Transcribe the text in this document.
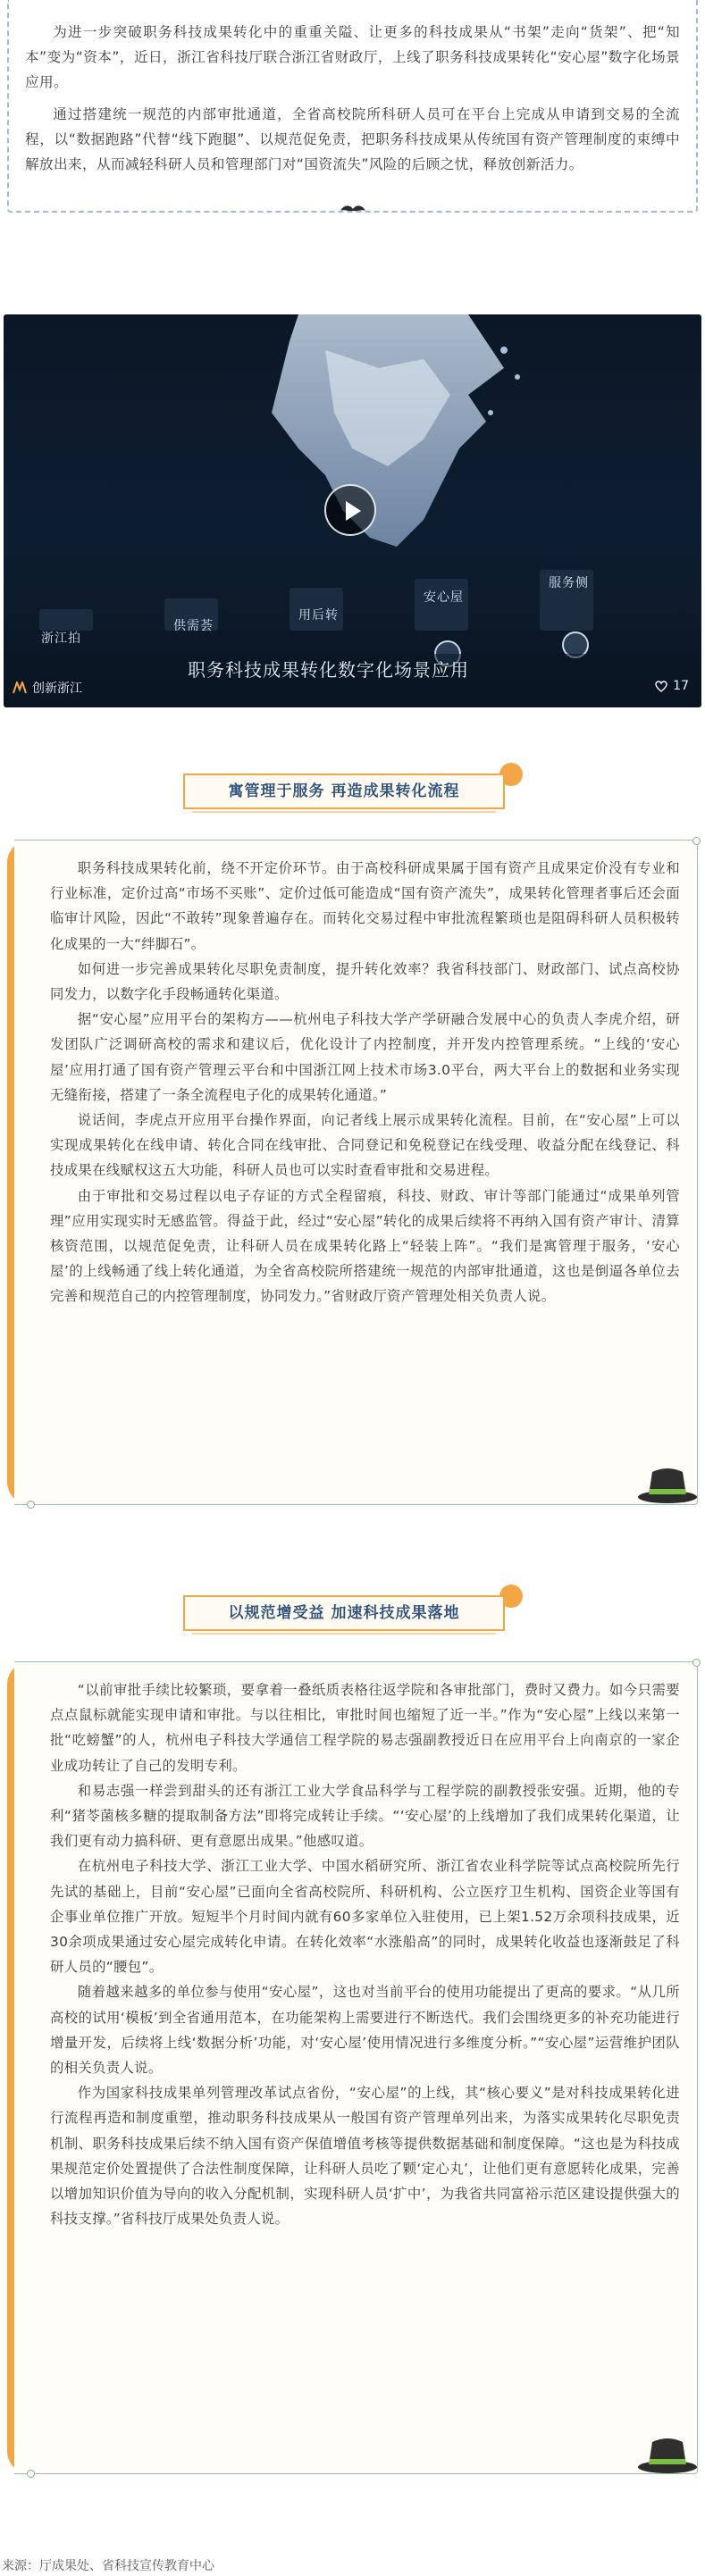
为进一步突破职务科技成果转化中的重重关隘、让更多的科技成果从“书架”走向“货架”、把“知本”变为“资本”，近日，浙江省科技厅联合浙江省财政厅，上线了职务科技成果转化“安心屋”数字化场景应用。

通过搭建统一规范的内部审批通道，全省高校院所科研人员可在平台上完成从申请到交易的全流程，以“数据跑路”代替“线下跑腿”、以规范促免责，把职务科技成果从传统国有资产管理制度的束缚中解放出来，从而减轻科研人员和管理部门对“国资流失”风险的后顾之忧，释放创新活力。

浙江拍
供需荟
用后转
安心屋
服务侧
职务科技成果转化数字化场景应用
创新浙江	17
寓管理于服务 再造成果转化流程

职务科技成果转化前，绕不开定价环节。由于高校科研成果属于国有资产且成果定价没有专业和行业标准，定价过高“市场不买账”、定价过低可能造成“国有资产流失”，成果转化管理者事后还会面临审计风险，因此“不敢转”现象普遍存在。而转化交易过程中审批流程繁琐也是阻碍科研人员积极转化成果的一大“绊脚石”。

如何进一步完善成果转化尽职免责制度，提升转化效率？我省科技部门、财政部门、试点高校协同发力，以数字化手段畅通转化渠道。

据“安心屋”应用平台的架构方——杭州电子科技大学产学研融合发展中心的负责人李虎介绍，研发团队广泛调研高校的需求和建议后，优化设计了内控制度，并开发内控管理系统。“上线的‘安心屋’应用打通了国有资产管理云平台和中国浙江网上技术市场3.0平台，两大平台上的数据和业务实现无缝衔接，搭建了一条全流程电子化的成果转化通道。”

说话间，李虎点开应用平台操作界面，向记者线上展示成果转化流程。目前，在“安心屋”上可以实现成果转化在线申请、转化合同在线审批、合同登记和免税登记在线受理、收益分配在线登记、科技成果在线赋权这五大功能，科研人员也可以实时查看审批和交易进程。

由于审批和交易过程以电子存证的方式全程留痕，科技、财政、审计等部门能通过“成果单列管理”应用实现实时无感监管。得益于此，经过“安心屋”转化的成果后续将不再纳入国有资产审计、清算核资范围，以规范促免责，让科研人员在成果转化路上“轻装上阵”。“我们是寓管理于服务，‘安心屋’的上线畅通了线上转化通道，为全省高校院所搭建统一规范的内部审批通道，这也是倒逼各单位去完善和规范自己的内控管理制度，协同发力。”省财政厅资产管理处相关负责人说。

以规范增受益 加速科技成果落地

“以前审批手续比较繁琐，要拿着一叠纸质表格往返学院和各审批部门，费时又费力。如今只需要点点鼠标就能实现申请和审批。与以往相比，审批时间也缩短了近一半。”作为“安心屋”上线以来第一批“吃螃蟹”的人，杭州电子科技大学通信工程学院的易志强副教授近日在应用平台上向南京的一家企业成功转让了自己的发明专利。

和易志强一样尝到甜头的还有浙江工业大学食品科学与工程学院的副教授张安强。近期，他的专利“猪苓菌核多糖的提取制备方法”即将完成转让手续。“‘安心屋’的上线增加了我们成果转化渠道，让我们更有动力搞科研、更有意愿出成果。”他感叹道。

在杭州电子科技大学、浙江工业大学、中国水稻研究所、浙江省农业科学院等试点高校院所先行先试的基础上，目前“安心屋”已面向全省高校院所、科研机构、公立医疗卫生机构、国资企业等国有企事业单位推广开放。短短半个月时间内就有60多家单位入驻使用，已上架1.52万余项科技成果，近30余项成果通过安心屋完成转化申请。在转化效率“水涨船高”的同时，成果转化收益也逐渐鼓足了科研人员的“腰包”。

随着越来越多的单位参与使用“安心屋”，这也对当前平台的使用功能提出了更高的要求。“从几所高校的试用‘模板’到全省通用范本，在功能架构上需要进行不断迭代。我们会围绕更多的补充功能进行增量开发，后续将上线‘数据分析’功能，对‘安心屋’使用情况进行多维度分析。”“安心屋”运营维护团队的相关负责人说。

作为国家科技成果单列管理改革试点省份，“安心屋”的上线，其“核心要义”是对科技成果转化进行流程再造和制度重塑，推动职务科技成果从一般国有资产管理单列出来，为落实成果转化尽职免责机制、职务科技成果后续不纳入国有资产保值增值考核等提供数据基础和制度保障。“这也是为科技成果规范定价处置提供了合法性制度保障，让科研人员吃了颗‘定心丸’，让他们更有意愿转化成果，完善以增加知识价值为导向的收入分配机制，实现科研人员‘扩中’，为我省共同富裕示范区建设提供强大的科技支撑。”省科技厅成果处负责人说。

来源：厅成果处、省科技宣传教育中心
